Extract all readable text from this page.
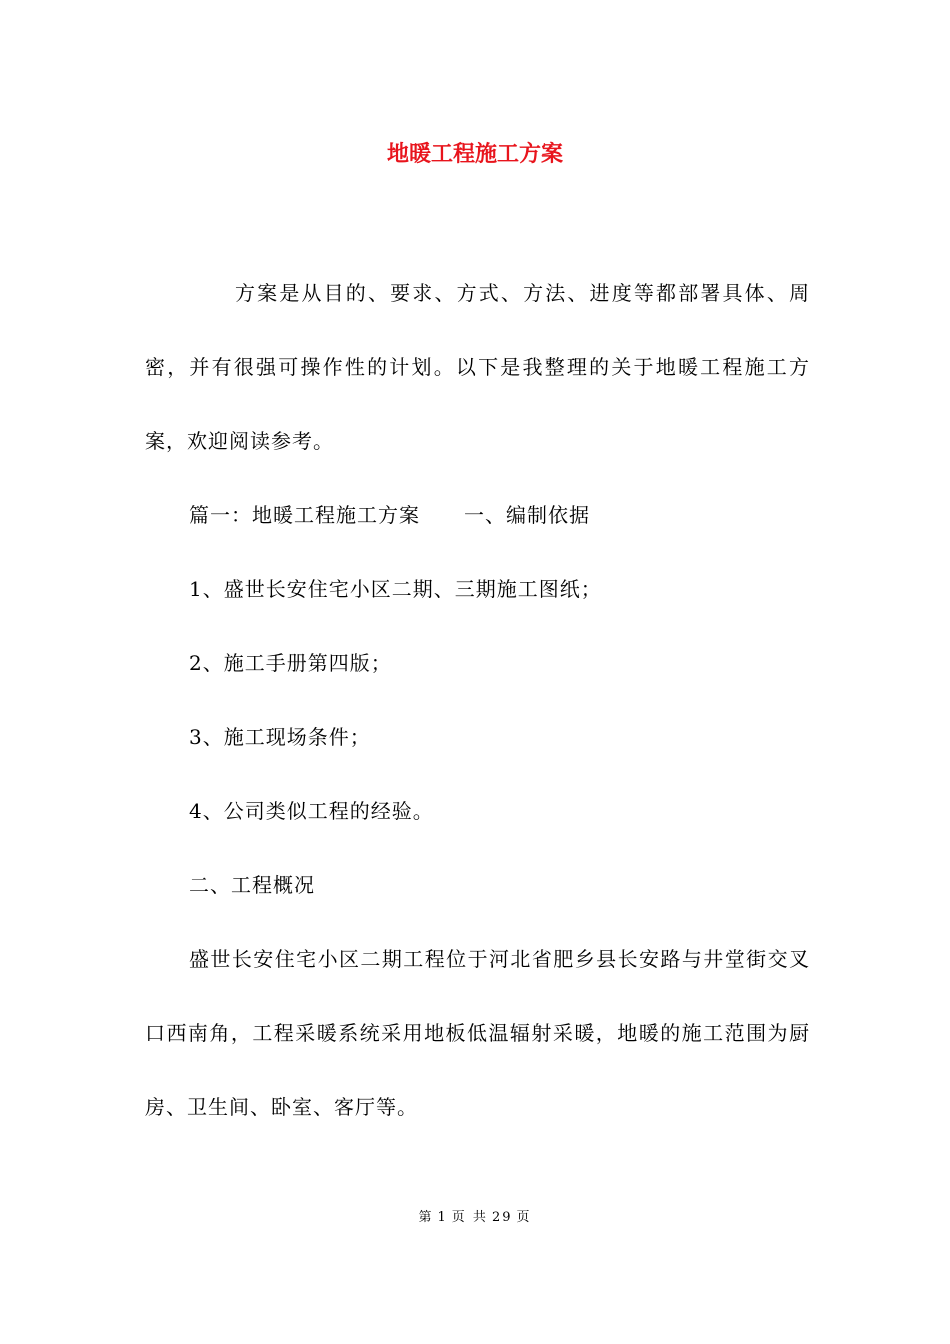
地暖工程施工方案

方案是从目的、要求、方式、方法、进度等都部署具体、周密，并有很强可操作性的计划。以下是我整理的关于地暖工程施工方案，欢迎阅读参考。

篇一：地暖工程施工方案 一、编制依据

1、盛世长安住宅小区二期、三期施工图纸；

2、施工手册第四版；

3、施工现场条件；

4、公司类似工程的经验。

二、工程概况

盛世长安住宅小区二期工程位于河北省肥乡县长安路与井堂街交叉口西南角，工程采暖系统采用地板低温辐射采暖，地暖的施工范围为厨房、卫生间、卧室、客厅等。

第 1 页 共 29 页
